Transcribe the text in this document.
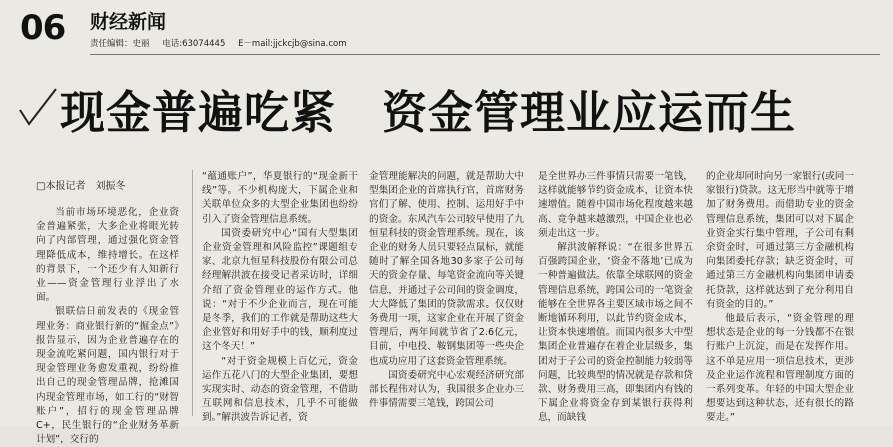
06 财经新闻
责任编辑：史丽 电话:63074445 E－mail:jjckcjb@sina.com
现金普遍吃紧 资金管理业应运而生
□本报记者　刘振冬

当前市场环境恶化，企业资金普遍紧张，大多企业将眼光转向了内部管理，通过强化资金管理降低成本，维持增长。在这样的背景下，一个还少有人知新行业——资金管理行业浮出了水面。

银联信日前发表的《现金管理业务：商业银行新的“掘金点”》报告显示，因为企业普遍存在的现金流吃紧问题，国内银行对于现金管理业务愈发重视，纷纷推出自己的现金管理品牌，抢滩国内现金管理市场，如工行的“财智账户”，招行的现金管理品牌C+，民生银行的“企业财务革新计划”，交行的

“蕴通账户”，华夏银行的“现金新干线”等。不少机构庞大，下属企业和关联单位众多的大型企业集团也纷纷引入了资金管理信息系统。

国资委研究中心“国有大型集团企业资金管理和风险监控”课题组专家、北京九恒星科技股份有限公司总经理解洪波在接受记者采访时，详细介绍了资金管理业的运作方式。他说：“对于不少企业而言，现在可能是冬季，我们的工作就是帮助这些大企业管好和用好手中的钱，顺利度过这个冬天！”

“对于资金规模上百亿元，资金运作五花八门的大型企业集团，要想实现实时、动态的资金管理，不借助互联网和信息技术，几乎不可能做到。”解洪波告诉记者，资

金管理能解决的问题，就是帮助大中型集团企业的首席执行官，首席财务官们了解、使用、控制、运用好手中的资金。东风汽车公司较早使用了九恒星科技的资金管理系统。现在，该企业的财务人员只要轻点鼠标，就能随时了解全国各地30多家子公司每天的资金存量、每笔资金流向等关键信息，并通过子公司间的资金调度，大大降低了集团的贷款需求。仅仅财务费用一项，这家企业在开展了资金管理后，两年间就节省了2.6亿元，目前，中电投、鞍钢集团等一些央企也成功应用了这套资金管理系统。

国资委研究中心宏观经济研究部部长程伟对认为，我国很多企业办三件事情需要三笔钱，跨国公司

是全世界办三件事情只需要一笔钱，这样就能够节约资金成本，让资本快速增值。随着中国市场化程度越来越高、竞争越来越激烈，中国企业也必须走出这一步。

解洪波解释说：“在很多世界五百强跨国企业，‘资金不落地’已成为一种普遍做法。依靠全球联网的资金管理信息系统，跨国公司的一笔资金能够在全世界各主要区域市场之间不断地循环利用，以此节约资金成本，让资本快速增值。而国内很多大中型集团企业普遍存在着企业层级多，集团对于子公司的资金控制能力较弱等问题，比较典型的情况就是存款和贷款、财务费用三高，即集团内有钱的下属企业将资金存到某银行获得利息，而缺钱

的企业却同时向另一家银行(或同一家银行)贷款。这无形当中就等于增加了财务费用。而借助专业的资金管理信息系统，集团可以对下属企业资金实行集中管理，子公司有剩余资金时，可通过第三方金融机构向集团委托存款；缺乏资金时，可通过第三方金融机构向集团申请委托贷款，这样就达到了充分利用自有资金的目的。”

他最后表示，“资金管理的理想状态是企业的每一分钱都不在银行账户上沉淀，而是在发挥作用。这不单是应用一项信息技术，更涉及企业运作流程和管理制度方面的一系列变革。年轻的中国大型企业想要达到这种状态，还有很长的路要走。”
